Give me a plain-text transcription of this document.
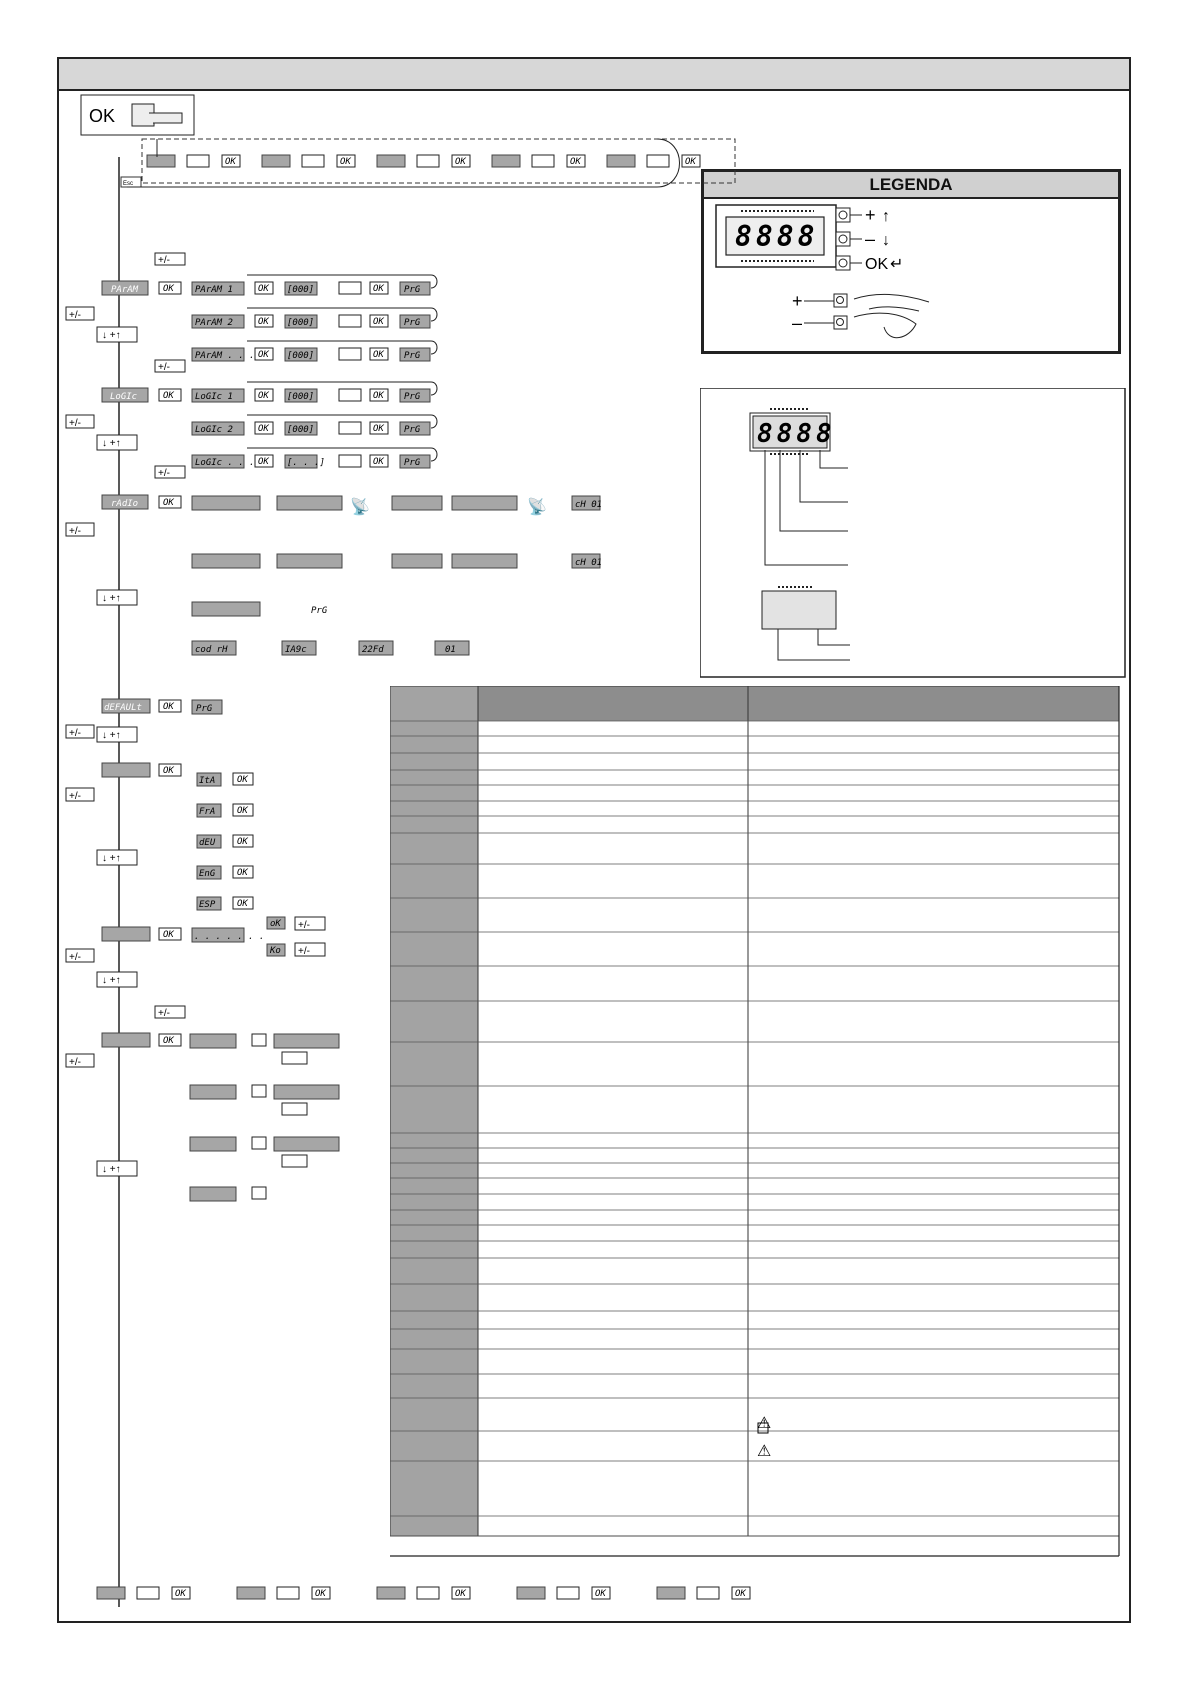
LEGENDA
8888
+ ↑
– ↓
OK ↵
+
–
8888
⚠
⚠
OK
Esc
OK	OK	OK	OK	OK
PArAM	OK
+/-
+/-
↓ +↑
PArAM 1	OK [000]	OK PrG
PArAM 2	OK [000]	OK PrG
PArAM . . . OK [000]	OK PrG
LoGIc	OK
+/-
+/-
↓ +↑
LoGIc 1	OK [000]	OK PrG
LoGIc 2	OK [000]	OK PrG
LoGIc . . . OK [. . .]	OK PrG
rAdIo	OK
+/-
+/-
↓ +↑
PrG
cH 01
cH 01
📡	📡
cod rH	IA9c	22Fd	01
dEFAULt OK PrG
+/- ↓ +↑
OK
+/-
↓ +↑
ItA OK
FrA OK
dEU OK
EnG OK
ESP OK
OK . . . . . . .
oK
Ko
+/-
+/-
+/-
↓ +↑
OK
+/-
+/-
↓ +↑
OK	OK	OK	OK	OK
